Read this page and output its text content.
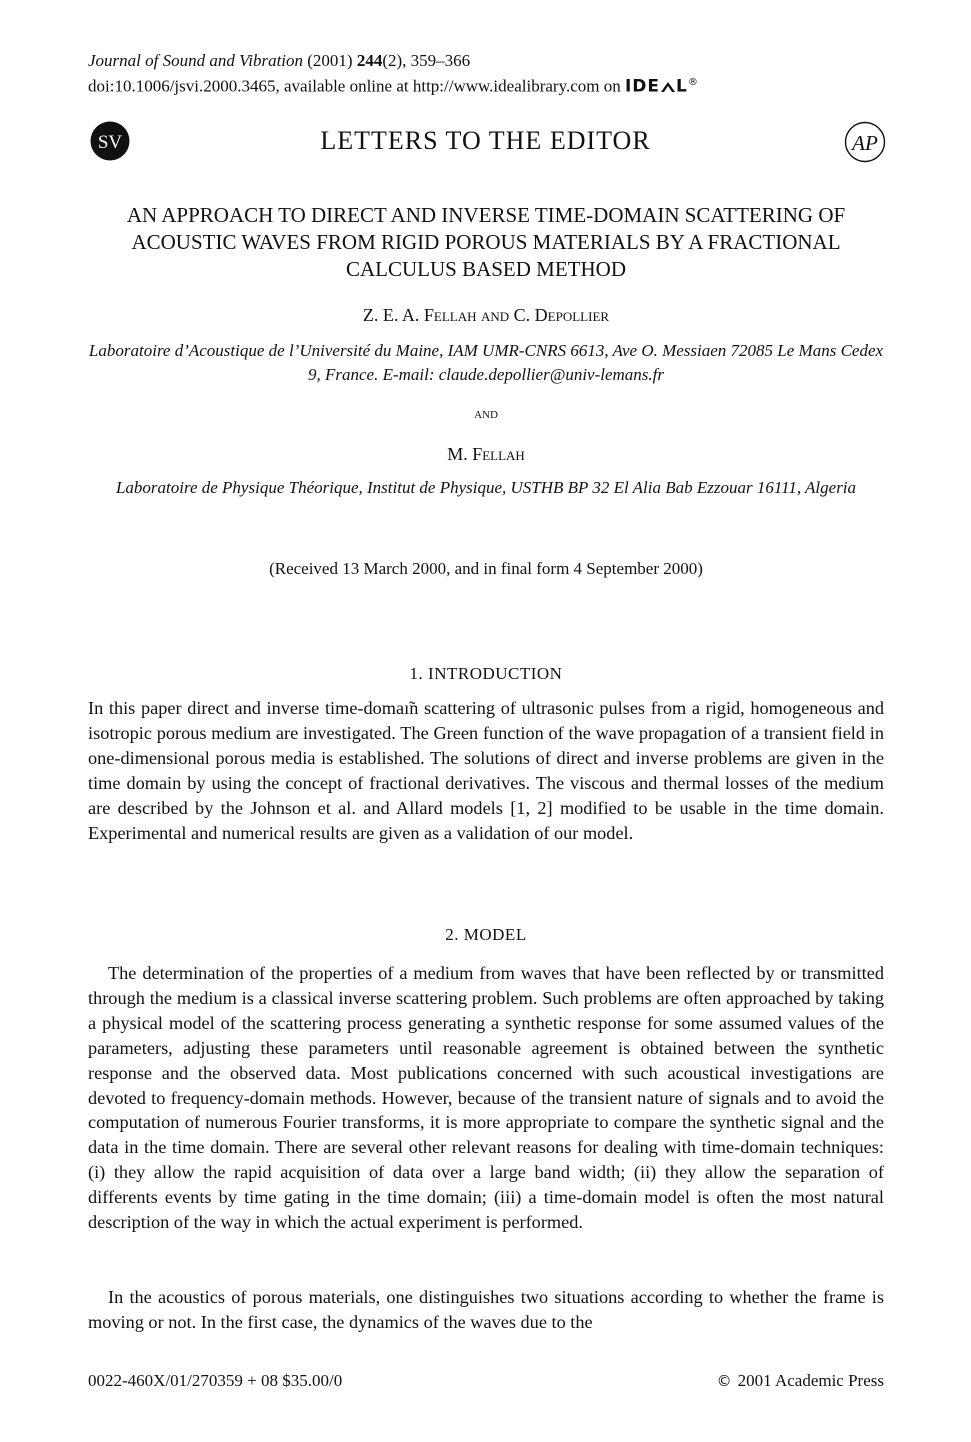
Journal of Sound and Vibration (2001) 244(2), 359–366
doi:10.1006/jsvi.2000.3465, available online at http://www.idealibrary.com on IDE L®
SV	LETTERS TO THE EDITOR	AP
AN APPROACH TO DIRECT AND INVERSE TIME-DOMAIN SCATTERING OF ACOUSTIC WAVES FROM RIGID POROUS MATERIALS BY A FRACTIONAL CALCULUS BASED METHOD
Z. E. A. Fellah and C. Depollier
Laboratoire d’Acoustique de l’Université du Maine, IAM UMR-CNRS 6613, Ave O. Messiaen 72085 Le Mans Cedex 9, France. E-mail: claude.depollier@univ-lemans.fr
and
M. Fellah
Laboratoire de Physique Théorique, Institut de Physique, USTHB BP 32 El Alia Bab Ezzouar 16111, Algeria
(Received 13 March 2000, and in final form 4 September 2000)
1. INTRODUCTION

In this paper direct and inverse time-domaı̃n scattering of ultrasonic pulses from a rigid, homogeneous and isotropic porous medium are investigated. The Green function of the wave propagation of a transient field in one-dimensional porous media is established. The solutions of direct and inverse problems are given in the time domain by using the concept of fractional derivatives. The viscous and thermal losses of the medium are described by the Johnson et al. and Allard models [1, 2] modified to be usable in the time domain. Experimental and numerical results are given as a validation of our model.

2. MODEL

The determination of the properties of a medium from waves that have been reflected by or transmitted through the medium is a classical inverse scattering problem. Such problems are often approached by taking a physical model of the scattering process generating a synthetic response for some assumed values of the parameters, adjusting these parameters until reasonable agreement is obtained between the synthetic response and the observed data. Most publications concerned with such acoustical investigations are devoted to frequency-domain methods. However, because of the transient nature of signals and to avoid the computation of numerous Fourier transforms, it is more appropriate to compare the synthetic signal and the data in the time domain. There are several other relevant reasons for dealing with time-domain techniques: (i) they allow the rapid acquisition of data over a large band width; (ii) they allow the separation of differents events by time gating in the time domain; (iii) a time-domain model is often the most natural description of the way in which the actual experiment is performed.

In the acoustics of porous materials, one distinguishes two situations according to whether the frame is moving or not. In the first case, the dynamics of the waves due to the

0022-460X/01/270359 + 08 $35.00/0	© 2001 Academic Press
